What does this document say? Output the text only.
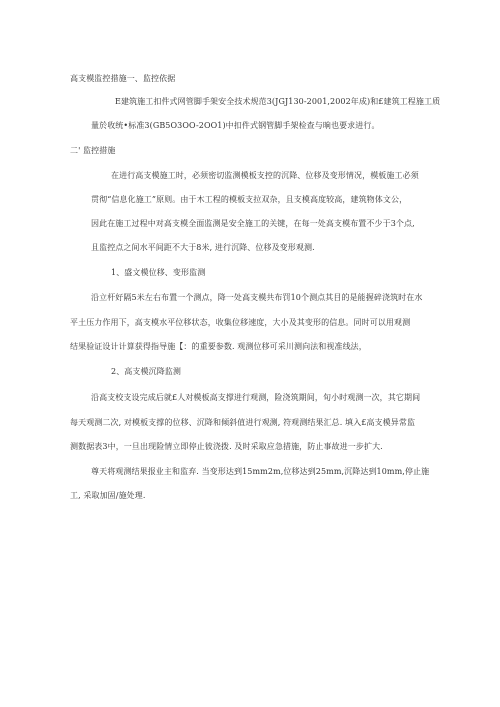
高支模监控措施一、监控依据
E建筑施工扣件式网管脚手架安全技术规范3(JGJ130-2001,2002年成)和£建筑工程施工质
量於收统•标准3(GB5O3OO-2OO1)中扣件式钢管脚手架检查与晌也要求进行。
二' 监控措施
在进行高支模施工时，必须密切监测模板支控的沉降、位移及变形情况，模板施工必须
贯彻“信息化施工”原则。由于木工程的模板支拉双杂，且支模高度较高，建筑物体文公，
因此在施工过程中对高支模全面监测是安全施工的关键，在每一处高支模布置不少于3个点,
且监控点之间水平间距不大于8米, 进行沉降、位移及变形观测.
1、盛文模位移、变形监测
沿立杆好隔5米左右布置一个测点，降一处高支模共布罚10个测点其目的是能握碎浇筑时在水
平土压力作用下，高支模水平位移状态，收集位移速度，大小及其变形的信息。同时可以用观测
结果验证设计计算获得指导施【：的重要参数. 观测位移可采川测向法和视准线法，
2、高支模沉降监测
沿高支校支设完成后就£人对模板高支撑进行观测，险浇筑期间，旬小时观测一次，其它期间
每天观测二次, 对模板支撑的位移、沉降和倾斜值进行观测, 符观测结果汇总. 填入£高支模异常监
测数据表3中，一旦出现险情立即停止彼浇拨. 及时采取应急措施，防止事故进一步扩大.
尊天将观测结果报业主和监弃. 当变形达到15mm2m,位移达到25mm,沉降达到10mm,停止施
工, 采取加固/施处理.
